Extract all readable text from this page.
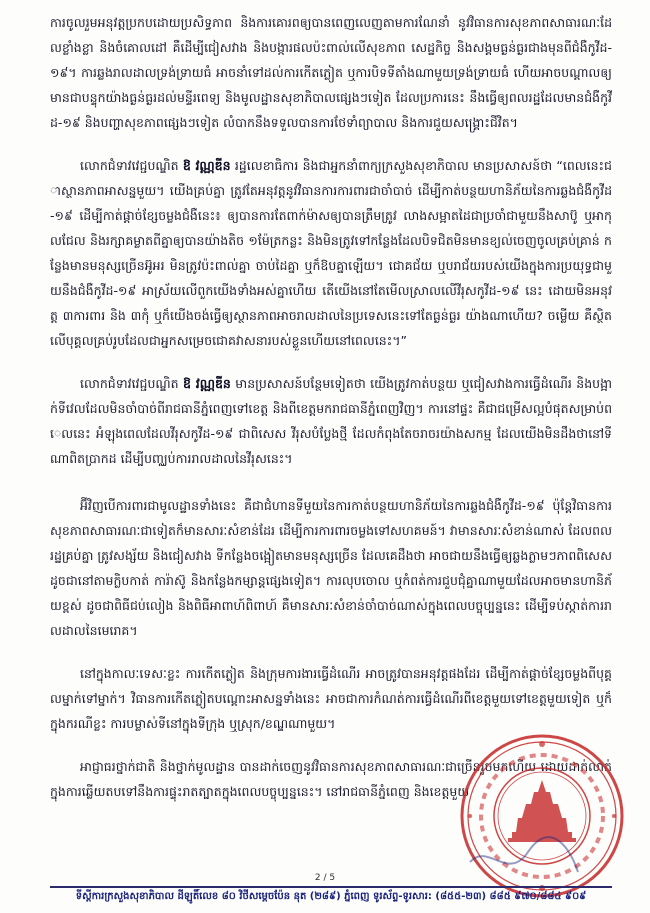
ការចូលរួមអនុវត្តប្រកបដោយប្រសិទ្ធភាព និងការគោរពឲ្យបានពេញលេញតាមការណែនាំ នូវវិធានការសុខភាពសាធារណៈដែលខ្លាំងខ្លា និងចំគោលដៅ គឺដើម្បីជៀសវាង និងបង្ការផលប៉ះពាល់លើសុខភាព សេដ្ឋកិច្ច និងសង្គមធ្ងន់ធ្ងរជាងមុនពីជំងឺកូវីដ-១៩។ ការឆ្លងរាលដាលទ្រង់ទ្រាយធំ អាចនាំទៅដល់ការកើតភ្លៀត ឬការបិទទីតាំងណាមួយទ្រង់ទ្រាយធំ ហើយអាចបណ្តាលឲ្យមានជាបន្ទុកយ៉ាងធ្ងន់ធ្ងរដល់មន្ទីរពេទ្យ និងមូលដ្ឋានសុខាភិបាលផ្សេងៗទៀត ដែលប្រការនេះ នឹងធ្វើឲ្យពលរដ្ឋដែលមានជំងឺកូវីដ-១៩ និងបញ្ហាសុខភាពផ្សេងៗទៀត លំបាកនឹងទទួលបានការថែទាំព្យាបាល និងការជួយសង្គ្រោះជីវិត។

លោកជំទាវវេជ្ជបណ្ឌិត ឱ វណ្ណឌីន រដ្ឋលេខាធិការ និងជាអ្នកនាំពាក្យក្រសួងសុខាភិបាល មានប្រសាសន៍ថា “ពេលនេះជាស្ថានភាពអាសន្នមួយ។ យើងគ្រប់គ្នា ត្រូវតែអនុវត្តនូវវិធានការការពារជាចាំបាច់ ដើម្បីកាត់បន្ថយហានិភ័យនៃការឆ្លងជំងឺកូវីដ-១៩ ដើម្បីកាត់ផ្តាច់ខ្សែចម្លងជំងឺនេះ៖ ឲ្យបានការតែពាក់ម៉ាសឲ្យបានត្រឹមត្រូវ លាងសម្អាតដៃជាប្រចាំជាមួយនឹងសាប៊ូ ឬអាកុលជែល និងរក្សាគម្លាតពីគ្នាឲ្យបានយ៉ាងតិច ១ម៉ែត្រកន្លះ និងមិនត្រូវទៅកន្លែងដែលបិទជិតមិនមានខ្យល់ចេញចូលគ្រប់គ្រាន់ កន្លែងមានមនុស្សច្រើនអ៊ូអរ មិនត្រូវប៉ះពាល់គ្នា ចាប់ដៃគ្នា ឬក៏ឱបគ្នាឡើយ។ ជោគជ័យ ឬបរាជ័យរបស់យើងក្នុងការប្រយុទ្ធជាមួយនឹងជំងឺកូវីដ-១៩ អាស្រ័យលើពួកយើងទាំងអស់គ្នាហើយ តើយើងនៅតែមើលស្រាលលើវីរុសកូវីដ-១៩ នេះ ដោយមិនអនុវត្ត ៣ការពារ និង ៣កុំ ឬក៏យើងចង់ធ្វើឲ្យស្ថានភាពអាចរាលដាលនៃប្រទេសនេះទៅតែធ្ងន់ធ្ងរ យ៉ាងណាហើយ? ចម្លើយ គឺស្ថិតលើបុគ្គលគ្រប់រូបដែលជាអ្នកសម្រេចជោគវាសនារបស់ខ្លួនហើយនៅពេលនេះ។”

លោកជំទាវវេជ្ជបណ្ឌិត ឱ វណ្ណឌីន មានប្រសាសន៍បន្ថែមទៀតថា យើងត្រូវកាត់បន្ថយ ឬជៀសវាងការធ្វើដំណើរ និងបង្អាក់ទីវេលដែលមិនចាំបាច់ពីរាជធានីភ្នំពេញទៅខេត្ត និងពីខេត្តមករាជធានីភ្នំពេញវិញ។ ការនៅផ្ទះ គឺជាជម្រើសល្អបំផុតសម្រាប់ពេលនេះ អំឡុងពេលដែលវីរុសកូវីដ-១៩ ជាពិសេស វីរុសបំប្លែងថ្មី ដែលកំពុងតែចរាចរយ៉ាងសកម្ម ដែលយើងមិនដឹងថានៅទីណាពិតប្រាកដ ដើម្បីបញ្ឈប់ការរាលដាលនៃវីរុសនេះ។

អ៊ីវិញបើការពារជាមូលដ្ឋានទាំងនេះ គឺជាជំហានទីមួយនៃការកាត់បន្ថយហានិភ័យនៃការឆ្លងជំងឺកូវីដ-១៩ ប៉ុន្តែវិធានការសុខភាពសាធារណៈជាទៀតក៏មានសារៈសំខាន់ដែរ ដើម្បីការការពារចម្លងទៅសហគមន៍។ វាមានសារៈសំខាន់ណាស់ ដែលពលរដ្ឋគ្រប់គ្នា ត្រូវសង្ស័យ និងជៀសវាង ទីកន្លែងចង្អៀតមានមនុស្សច្រើន ដែលគេដឹងថា អាចជាយនឹងធ្វើឲ្យឆ្លងភ្លាមៗភាពពិសេស ដូចជានៅតាមក្លិបកាត់ ការ៉ាស៊ូ និងកន្លែងកម្សាន្តផ្សេងទៀត។ ការលុបចោល ឬកំពត់ការជួបជុំគ្នាណាមួយដែលអាចមានហានិភ័យខ្ពស់ ដូចជាពិធីជប់លៀង និងពិធីអាពាហ៍ពិពាហ៍ គឺមានសារៈសំខាន់ចាំបាច់ណាស់ក្នុងពេលបច្ចុប្បន្ននេះ ដើម្បីទប់ស្កាត់ការរាលដាលនៃមេរោគ។

នៅក្នុងកាលៈទេសៈខ្លះ ការកើតភ្លៀត និងក្រុមការងារធ្វើដំណើរ អាចត្រូវបានអនុវត្តផងដែរ ដើម្បីកាត់ផ្តាច់ខ្សែចម្លងពីបុគ្គលម្នាក់ទៅម្នាក់។ វិធានការកើតភ្លៀតបណ្តោះអាសន្នទាំងនេះ អាចជាការកំណត់ការធ្វើដំណើរពីខេត្តមួយទៅខេត្តមួយទៀត ឬក៏ក្នុងករណីខ្លះ ការបម្លាស់ទីនៅក្នុងទីក្រុង ឬស្រុក/ខណ្ឌណាមួយ។

អាជ្ញាធរថ្នាក់ជាតិ និងថ្នាក់មូលដ្ឋាន បានដាក់ចេញនូវវិធានការសុខភាពសាធារណៈជាច្រើនរួចមកហើយ ដោយដាក់លាក់ ក្នុងការឆ្លើយតបទៅនឹងការផ្ទុះរាតត្បាតក្នុងពេលបច្ចុប្បន្ននេះ។ នៅរាជធានីភ្នំពេញ និងខេត្តមួយ

2 / 5
ទីស្តីការក្រសួងសុខាភិបាល ដីឡូតិ៍លេខ ៨០ វិថីសម្តេចប៉ែន នុត (២៨៩) ភ្នំពេញ ទូរស័ព្ទ-ទូរសារ: (៨៥៥-២៣) ៨៨៥ ៩៧០/៨៨៤ ៩០៩
